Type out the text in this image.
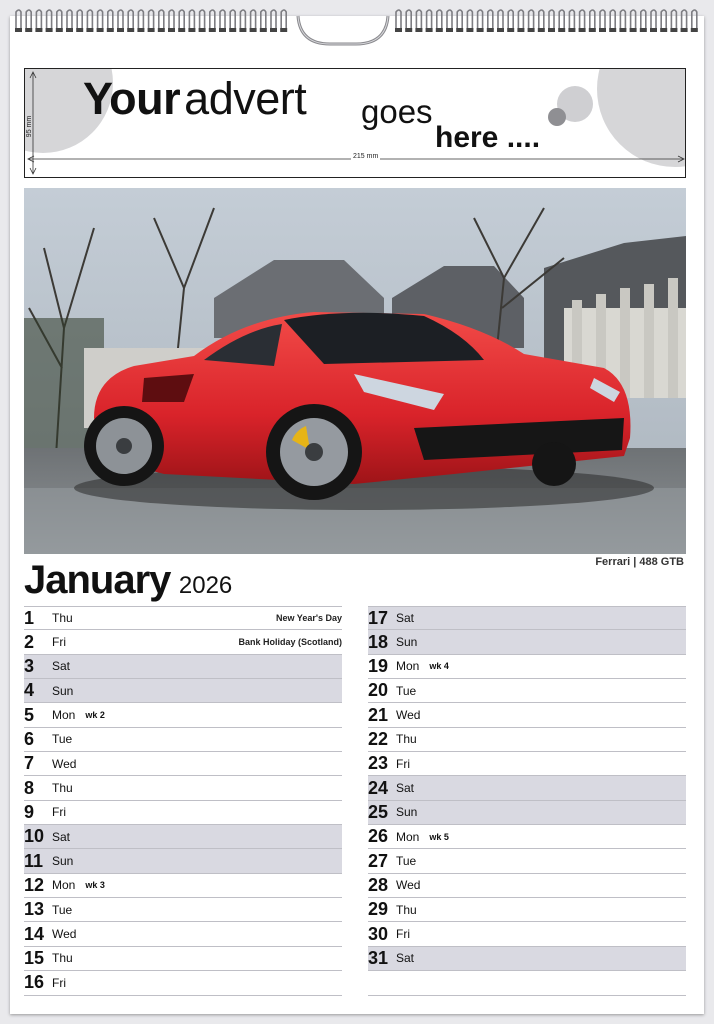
Youradvert goes
here ....
95 mm
215 mm
Ferrari | 488 GTB
January 2026
1	Thu	New Year's Day
2	Fri	Bank Holiday (Scotland)
3	Sat
4	Sun
5	Mon wk 2
6	Tue
7	Wed
8	Thu
9	Fri
10 Sat
11 Sun
12 Mon wk 3
13 Tue
14 Wed
15 Thu
16 Fri
17 Sat
18 Sun
19 Mon wk 4
20 Tue
21 Wed
22 Thu
23 Fri
24 Sat
25 Sun
26 Mon wk 5
27 Tue
28 Wed
29 Thu
30 Fri
31 Sat
